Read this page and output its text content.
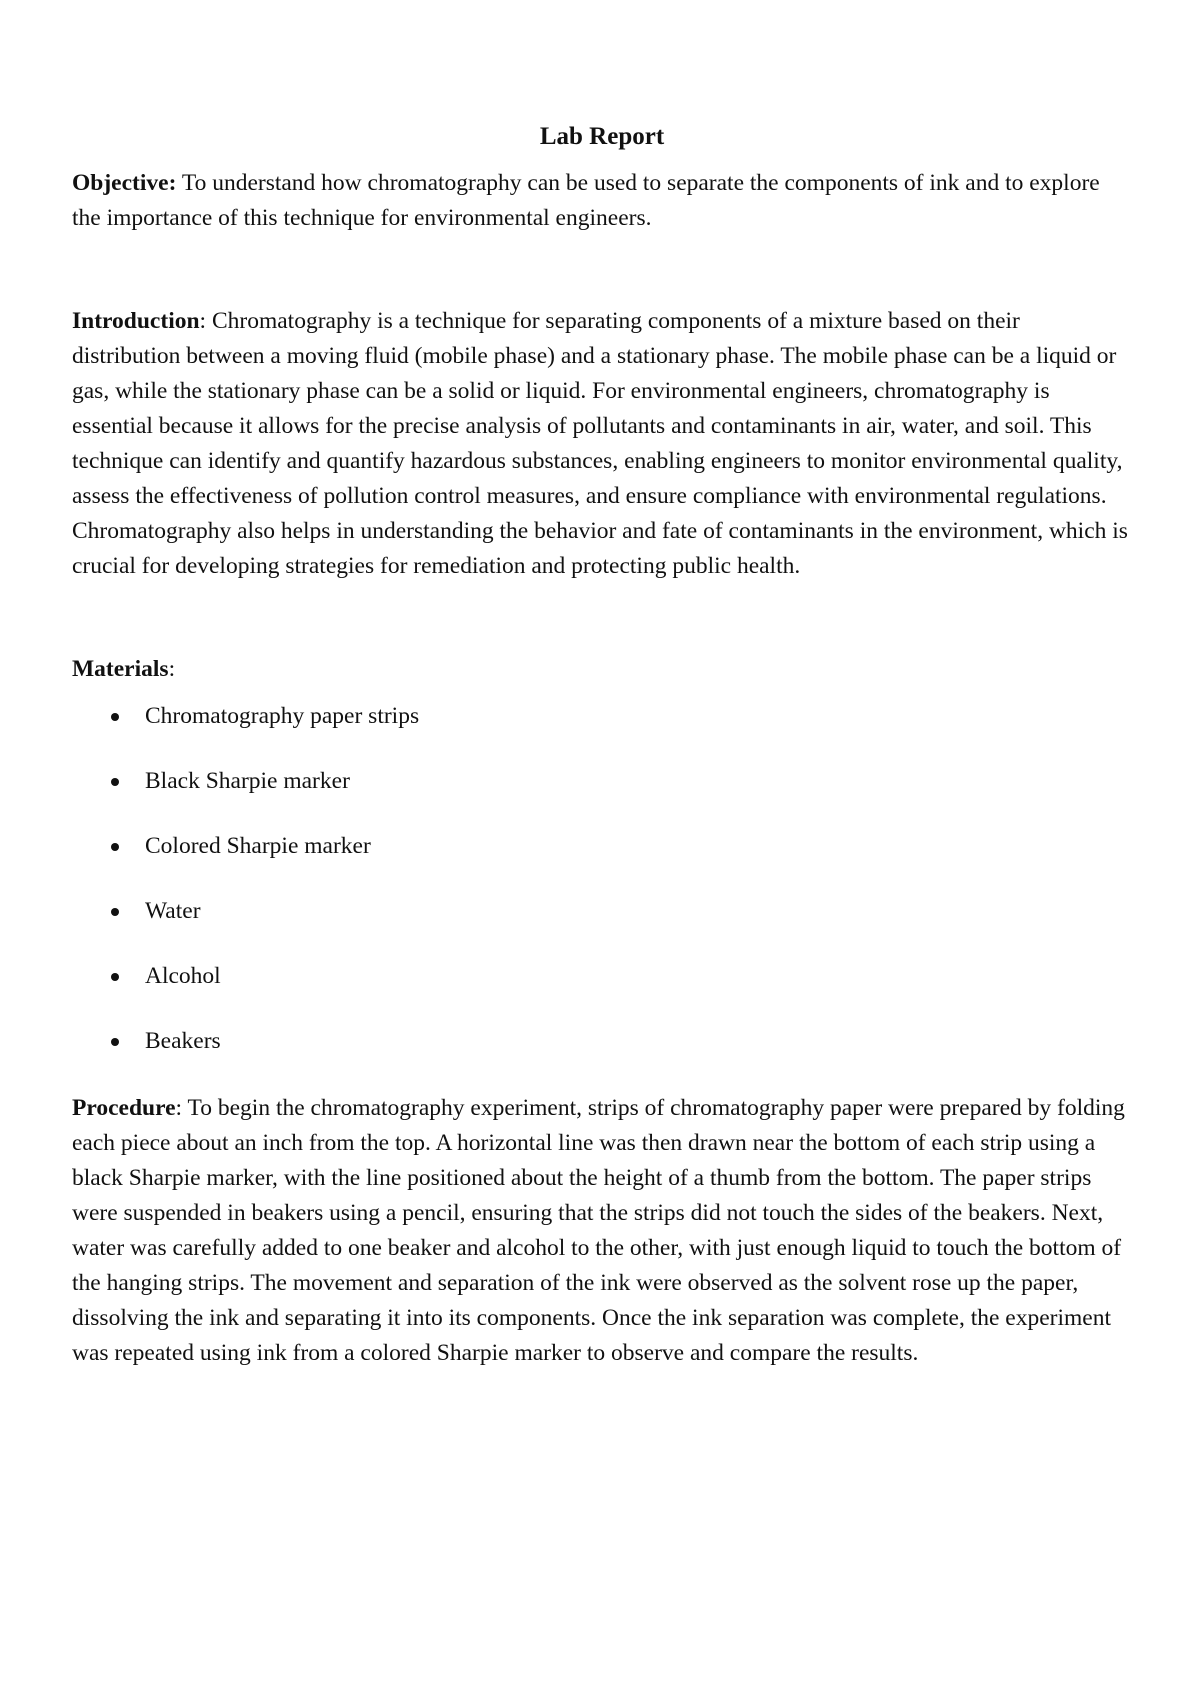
Lab Report

Objective: To understand how chromatography can be used to separate the components of ink and to explore the importance of this technique for environmental engineers.

Introduction: Chromatography is a technique for separating components of a mixture based on their distribution between a moving fluid (mobile phase) and a stationary phase. The mobile phase can be a liquid or gas, while the stationary phase can be a solid or liquid. For environmental engineers, chromatography is essential because it allows for the precise analysis of pollutants and contaminants in air, water, and soil. This technique can identify and quantify hazardous substances, enabling engineers to monitor environmental quality, assess the effectiveness of pollution control measures, and ensure compliance with environmental regulations. Chromatography also helps in understanding the behavior and fate of contaminants in the environment, which is crucial for developing strategies for remediation and protecting public health.

Materials:

Chromatography paper strips
Black Sharpie marker
Colored Sharpie marker
Water
Alcohol
Beakers

Procedure: To begin the chromatography experiment, strips of chromatography paper were prepared by folding each piece about an inch from the top. A horizontal line was then drawn near the bottom of each strip using a black Sharpie marker, with the line positioned about the height of a thumb from the bottom. The paper strips were suspended in beakers using a pencil, ensuring that the strips did not touch the sides of the beakers. Next, water was carefully added to one beaker and alcohol to the other, with just enough liquid to touch the bottom of the hanging strips. The movement and separation of the ink were observed as the solvent rose up the paper, dissolving the ink and separating it into its components. Once the ink separation was complete, the experiment was repeated using ink from a colored Sharpie marker to observe and compare the results.
